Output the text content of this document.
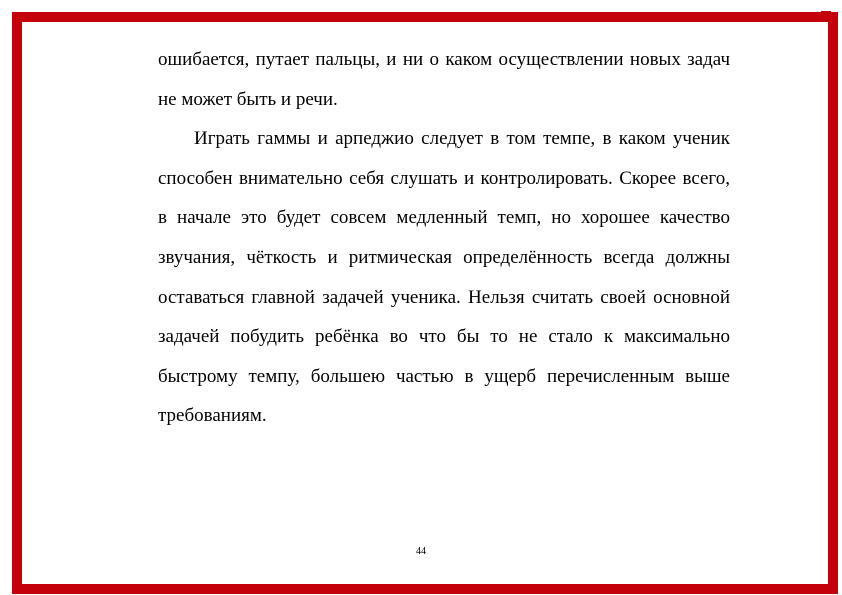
ошибается, путает пальцы, и ни о каком осуществлении новых задач не может быть и речи.

Играть гаммы и арпеджио следует в том темпе, в каком ученик способен внимательно себя слушать и контролировать. Скорее всего, в начале это будет совсем медленный темп, но хорошее качество звучания, чёткость и ритмическая определённость всегда должны оставаться главной задачей ученика. Нельзя считать своей основной задачей побудить ребёнка во что бы то не стало к максимально быстрому темпу, большею частью в ущерб перечисленным выше требованиям.

44
